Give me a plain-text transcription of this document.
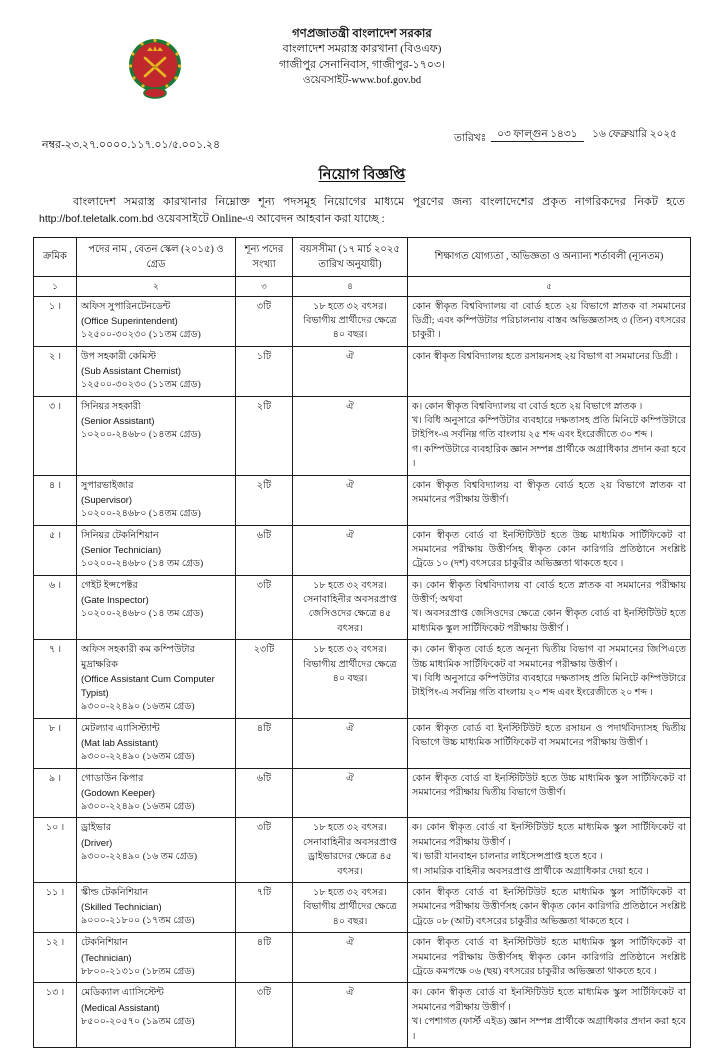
গণপ্রজাতন্ত্রী বাংলাদেশ সরকার
বাংলাদেশ সমরাস্ত্র কারখানা (বিওএফ)
গাজীপুর সেনানিবাস, গাজীপুর-১৭০৩।
ওয়েবসাইট-www.bof.gov.bd
নম্বর-২৩.২৭.০০০০.১১৭.০১/৫.০০১.২৪
তারিখঃ	০৩ ফাল্গুন ১৪৩১ ১৬ ফেব্রুয়ারি ২০২৫
নিয়োগ বিজ্ঞপ্তি

বাংলাদেশ সমরাস্ত্র কারখানার নিম্নোক্ত শূন্য পদসমূহ নিয়োগের মাধ্যমে পূরণের জন্য বাংলাদেশের প্রকৃত নাগরিকদের নিকট হতে http://bof.teletalk.com.bd ওয়েবসাইটে Online-এ আবেদন আহবান করা যাচ্ছে :

ক্রমিক	পদের নাম , বেতন স্কেল (২০১৫) ও গ্রেড	শূন্য পদের সংখ্যা	বয়সসীমা (১৭ মার্চ ২০২৫ তারিখ অনুযায়ী)	শিক্ষাগত যোগ্যতা , অভিজ্ঞতা ও অন্যান্য শর্তাবলী (ন্যূনতম)
১	২	৩	৪	৫
১ ।	অফিস সুপারিনটেনডেন্ট
(Office Superintendent)
১২৫০০-৩০২৩০ (১১তম গ্রেড)	৩টি	১৮ হতে ৩২ বৎসর। বিভাগীয় প্রার্থীদের ক্ষেত্রে ৪০ বছর।	কোন স্বীকৃত বিশ্ববিদ্যালয় বা বোর্ড হতে ২য় বিভাগে স্নাতক বা সমমানের ডিগ্রী; এবং কম্পিউটার পরিচালনায় বাস্তব অভিজ্ঞতাসহ ৩ (তিন) বৎসরের চাকুরী ।

২ ।	উপ সহকারী কেমিস্ট
(Sub Assistant Chemist)
১২৫০০-৩০২৩০ (১১তম গ্রেড)	১টি	ঐ	কোন স্বীকৃত বিশ্ববিদ্যালয় হতে রসায়নসহ ২য় বিভাগ বা সমমানের ডিগ্রী ।

৩ ।	সিনিয়র সহকারী
(Senior Assistant)
১০২০০-২৪৬৮০ (১৪তম গ্রেড)
	২টি	ঐ	ক। কোন স্বীকৃত বিশ্ববিদ্যালয় বা বোর্ড হতে ২য় বিভাগে স্নাতক ।
খ। বিধি অনুসারে কম্পিউটার ব্যবহারে দক্ষতাসহ প্রতি মিনিটে কম্পিউটারে টাইপিং-এ সর্বনিম্ন গতি বাংলায় ২৫ শব্দ এবং ইংরেজীতে ৩০ শব্দ ।
গ। কম্পিউটারে ব্যবহারিক জ্ঞান সম্পন্ন প্রার্থীকে অগ্রাধিকার প্রদান করা হবে ।

৪ ।	সুপারভাইজার
(Supervisor)
১০২০০-২৪৬৮০ (১৪তম গ্রেড)	২টি	ঐ	কোন স্বীকৃত বিশ্ববিদ্যালয় বা স্বীকৃত বোর্ড হতে ২য় বিভাগে স্নাতক বা সমমানের পরীক্ষায় উত্তীর্ণ।

৫ ।	সিনিয়র টেকনিশিয়ান
(Senior Technician)
১০২০০-২৪৬৮০ (১৪ তম গ্রেড)	৬টি	ঐ	কোন স্বীকৃত বোর্ড বা ইনস্টিটিউট হতে উচ্চ মাধ্যমিক সার্টিফিকেট বা সমমানের পরীক্ষায় উত্তীর্ণসহ স্বীকৃত কোন কারিগরি প্রতিষ্ঠানে সংশ্লিষ্ট ট্রেডে ১০ (দশ) বৎসরের চাকুরীর অভিজ্ঞতা থাকতে হবে ।

৬ ।	গেইট ইন্সপেক্টর
(Gate Inspector)
১০২০০-২৪৬৮০ (১৪ তম গ্রেড)
	৩টি	১৮ হতে ৩২ বৎসর। সেনাবাহিনীর অবসরপ্রাপ্ত জেসিওদের ক্ষেত্রে ৪৫ বৎসর।	
ক। কোন স্বীকৃত বিশ্ববিদ্যালয় বা বোর্ড হতে স্নাতক বা সমমানের পরীক্ষায় উত্তীর্ণ; অথবা
খ। অবসরপ্রাপ্ত জেসিওদের ক্ষেত্রে কোন স্বীকৃত বোর্ড বা ইনস্টিটিউট হতে মাধ্যমিক স্কুল সার্টিফিকেট পরীক্ষায় উত্তীর্ণ ।

৭ ।	অফিস সহকারী কম কম্পিউটার মুদ্রাক্ষরিক
(Office Assistant Cum Computer Typist)
৯৩০০-২২৪৯০ (১৬তম গ্রেড)
	২৩টি	১৮ হতে ৩২ বৎসর। বিভাগীয় প্রার্থীদের ক্ষেত্রে ৪০ বছর।	
ক। কোন স্বীকৃত বোর্ড হতে অনূন্য দ্বিতীয় বিভাগ বা সমমানের জিপিএতে উচ্চ মাধ্যমিক সার্টিফিকেট বা সমমানের পরীক্ষায় উত্তীর্ণ ।
খ। বিধি অনুসারে কম্পিউটার ব্যবহারে দক্ষতাসহ প্রতি মিনিটে কম্পিউটারে টাইপিং-এ সর্বনিম্ন গতি বাংলায় ২০ শব্দ এবং ইংরেজীতে ২০ শব্দ ।

৮ ।	মেটল্যাব এ্যাসিস্ট্যান্ট
(Mat lab Assistant)
৯৩০০-২২৪৯০ (১৬তম গ্রেড)	৪টি	ঐ	কোন স্বীকৃত বোর্ড বা ইনস্টিটিউট হতে রসায়ন ও পদার্থবিদ্যাসহ দ্বিতীয় বিভাগে উচ্চ মাধ্যমিক সার্টিফিকেট বা সমমানের পরীক্ষায় উত্তীর্ণ ।

৯ ।	গোডাউন কিপার
(Godown Keeper)
৯৩০০-২২৪৯০ (১৬তম গ্রেড)	৬টি	ঐ	কোন স্বীকৃত বোর্ড বা ইনস্টিটিউট হতে উচ্চ মাধ্যমিক স্কুল সার্টিফিকেট বা সমমানের পরীক্ষায় দ্বিতীয় বিভাগে উত্তীর্ণ।

১০ ।	ড্রাইভার
(Driver)
৯৩০০-২২৪৯০ (১৬ তম গ্রেড)
	৩টি	১৮ হতে ৩২ বৎসর। সেনাবাহিনীর অবসরপ্রাপ্ত ড্রাইভারদের ক্ষেত্রে ৪৫ বৎসর।	
ক। কোন স্বীকৃত বোর্ড বা ইনস্টিটিউট হতে মাধ্যমিক স্কুল সার্টিফিকেট বা সমমানের পরীক্ষায় উত্তীর্ণ ।
খ। ভারী যানবাহন চালনার লাইসেন্সপ্রাপ্ত হতে হবে ।
গ। সামরিক বাহিনীর অবসরপ্রাপ্ত প্রার্থীকে অগ্রাধিকার দেয়া হবে ।

১১ ।	স্কীল্ড টেকনিশিয়ান
(Skilled Technician)
৯০০০-২১৮০০ (১৭তম গ্রেড)	৭টি	১৮ হতে ৩২ বৎসর। বিভাগীয় প্রার্থীদের ক্ষেত্রে ৪০ বছর।	কোন স্বীকৃত বোর্ড বা ইনস্টিটিউট হতে মাধ্যমিক স্কুল সার্টিফিকেট বা সমমানের পরীক্ষায় উত্তীর্ণসহ কোন স্বীকৃত কোন কারিগরি প্রতিষ্ঠানে সংশ্লিষ্ট ট্রেডে ০৮ (আট) বৎসরের চাকুরীর অভিজ্ঞতা থাকতে হবে ।

১২ ।	টেকনিশিয়ান
(Technician)
৮৮০০-২১৩১০ (১৮তম গ্রেড)	৪টি	ঐ	কোন স্বীকৃত বোর্ড বা ইনস্টিটিউট হতে মাধ্যমিক স্কুল সার্টিফিকেট বা সমমানের পরীক্ষায় উত্তীর্ণসহ স্বীকৃত কোন কারিগরি প্রতিষ্ঠানে সংশ্লিষ্ট ট্রেডে কমপক্ষে ০৬ (ছয়) বৎসরের চাকুরীর অভিজ্ঞতা থাকতে হবে ।

১৩ ।	মেডিক্যাল এ্যাসিস্টেন্ট
(Medical Assistant)
৮৫০০-২০৫৭০ (১৯তম গ্রেড)	৩টি	ঐ	ক। কোন স্বীকৃত বোর্ড বা ইনস্টিটিউট হতে মাধ্যমিক স্কুল সার্টিফিকেট বা সমমানের পরীক্ষায় উত্তীর্ণ ।
খ। পেশাগত (ফার্স্ট এইড) জ্ঞান সম্পন্ন প্রার্থীকে অগ্রাধিকার প্রদান করা হবে ।
